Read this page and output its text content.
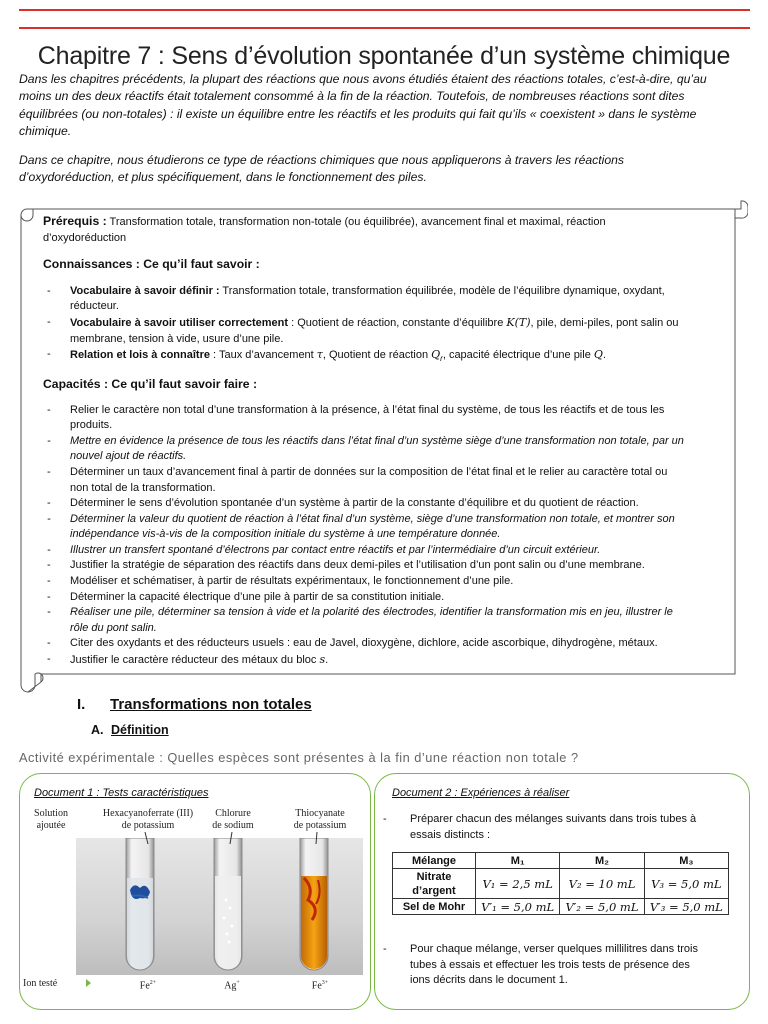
Chapitre 7 : Sens d’évolution spontanée d’un système chimique
Dans les chapitres précédents, la plupart des réactions que nous avons étudiés étaient des réactions totales, c’est-à-dire, qu’au
moins un des deux réactifs était totalement consommé à la fin de la réaction. Toutefois, de nombreuses réactions sont dites
équilibrées (ou non-totales) : il existe un équilibre entre les réactifs et les produits qui fait qu’ils « coexistent » dans le système
chimique.
Dans ce chapitre, nous étudierons ce type de réactions chimiques que nous appliquerons à travers les réactions
d’oxydoréduction, et plus spécifiquement, dans le fonctionnement des piles.
Prérequis : Transformation totale, transformation non-totale (ou équilibrée), avancement final et maximal, réaction
d’oxydoréduction
Connaissances : Ce qu’il faut savoir :
- Vocabulaire à savoir définir : Transformation totale, transformation équilibrée, modèle de l’équilibre dynamique, oxydant,
réducteur.
- Vocabulaire à savoir utiliser correctement : Quotient de réaction, constante d’équilibre K(T), pile, demi-piles, pont salin ou
membrane, tension à vide, usure d’une pile.
- Relation et lois à connaître : Taux d’avancement τ, Quotient de réaction $Q_r$, capacité électrique d’une pile Q.
Capacités : Ce qu’il faut savoir faire :
- Relier le caractère non total d’une transformation à la présence, à l’état final du système, de tous les réactifs et de tous les
produits.
- Mettre en évidence la présence de tous les réactifs dans l’état final d’un système siège d’une transformation non totale, par un
nouvel ajout de réactifs.
- Déterminer un taux d’avancement final à partir de données sur la composition de l’état final et le relier au caractère total ou
non total de la transformation.
- Déterminer le sens d’évolution spontanée d’un système à partir de la constante d’équilibre et du quotient de réaction.
- Déterminer la valeur du quotient de réaction à l’état final d’un système, siège d’une transformation non totale, et montrer son
indépendance vis-à-vis de la composition initiale du système à une température donnée.
- Illustrer un transfert spontané d’électrons par contact entre réactifs et par l’intermédiaire d’un circuit extérieur.
- Justifier la stratégie de séparation des réactifs dans deux demi-piles et l’utilisation d’un pont salin ou d’une membrane.
- Modéliser et schématiser, à partir de résultats expérimentaux, le fonctionnement d’une pile.
- Déterminer la capacité électrique d’une pile à partir de sa constitution initiale.
- Réaliser une pile, déterminer sa tension à vide et la polarité des électrodes, identifier la transformation mis en jeu, illustrer le
rôle du pont salin.
- Citer des oxydants et des réducteurs usuels : eau de Javel, dioxygène, dichlore, acide ascorbique, dihydrogène, métaux.
- Justifier le caractère réducteur des métaux du bloc s.
I. Transformations non totales
A. Définition
Activité expérimentale : Quelles espèces sont présentes à la fin d’une réaction non totale ?
Document 1 : Tests caractéristiques
Solution
ajoutée
Hexacyanoferrate (III)
de potassium
Chlorure
de sodium
Thiocyanate
de potassium
Ion testé	$Fe^{2+}$	Ag+	$Fe^{3+}$
Document 2 : Expériences à réaliser
- Préparer chacun des mélanges suivants dans trois tubes à
essais distincts :
Mélange	M₁	M₂	M₃

Nitrate
d’argent	V₁ = 2,5 mL	V₂ = 10 mL	V₃ = 5,0 mL
Sel de Mohr	V′₁ = 5,0 mL	V′₂ = 5,0 mL	V′₃ = 5,0 mL
- Pour chaque mélange, verser quelques millilitres dans trois
tubes à essais et effectuer les trois tests de présence des
ions décrits dans le document 1.
